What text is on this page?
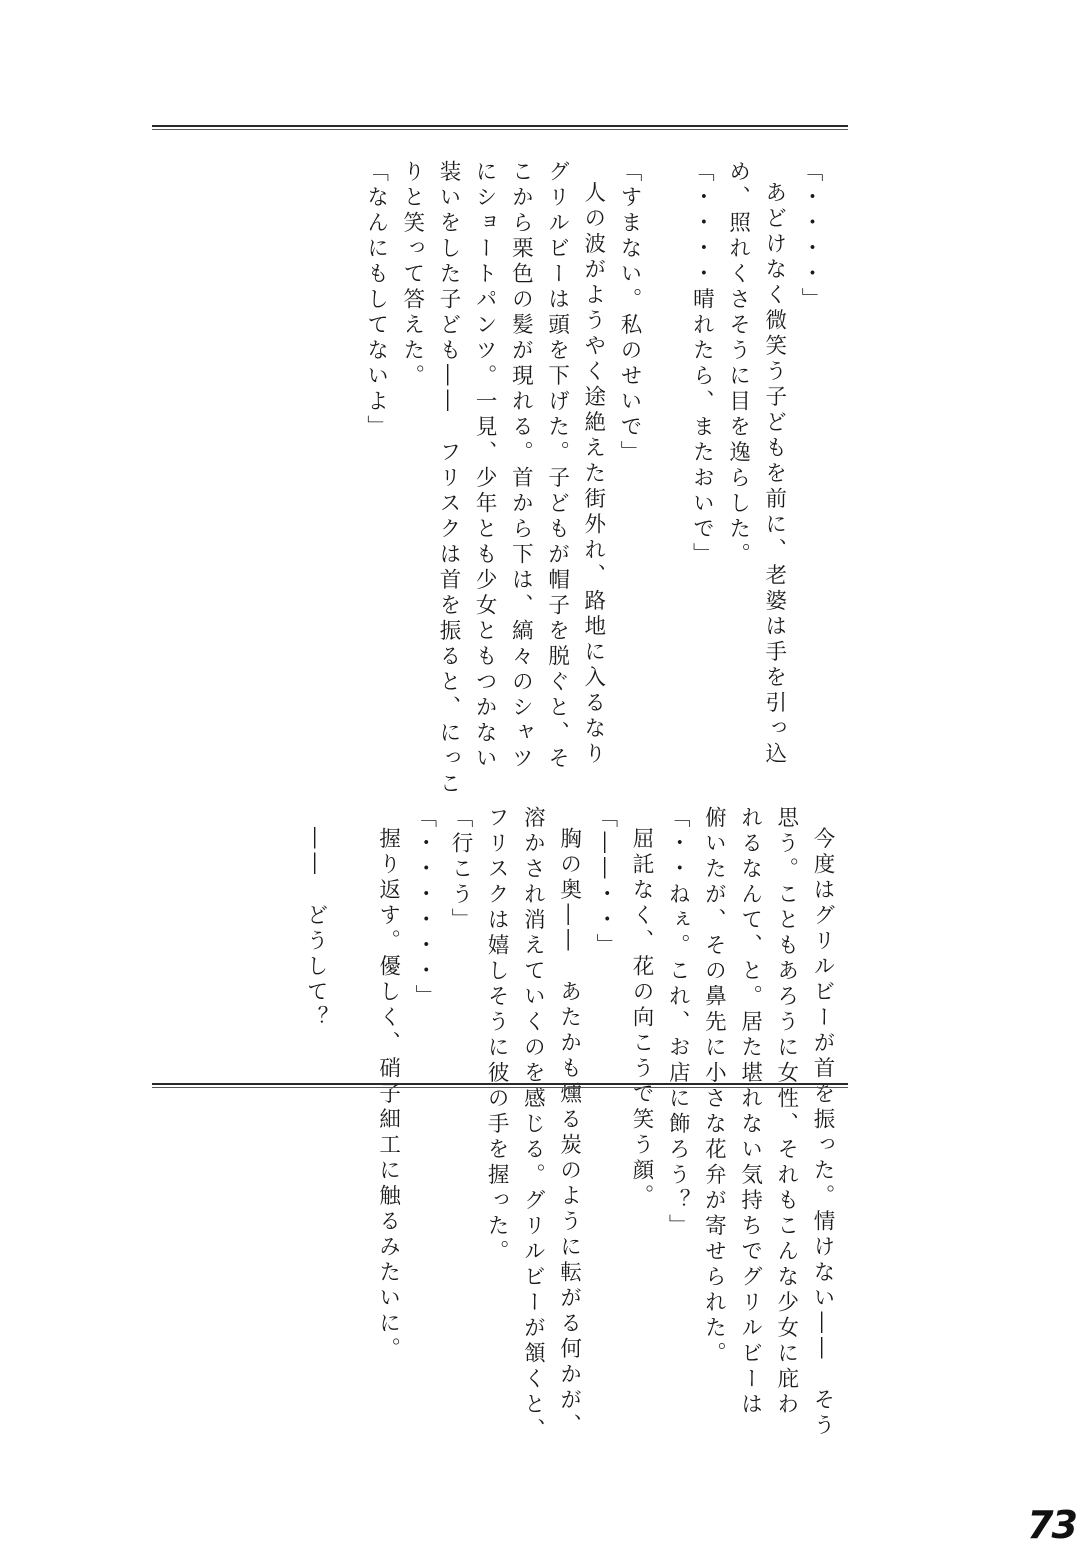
「・・・・」
あどけなく微笑う子どもを前に、老婆は手を引っ込
め、照れくさそうに目を逸らした。
「・・・・晴れたら、またおいで」
「すまない。私のせいで」
人の波がようやく途絶えた街外れ、路地に入るなり
グリルビーは頭を下げた。子どもが帽子を脱ぐと、そ
こから栗色の髪が現れる。首から下は、縞々のシャツ
にショートパンツ。一見、少年とも少女ともつかない
装いをした子ども――　フリスクは首を振ると、にっこ
りと笑って答えた。
「なんにもしてないよ」
今度はグリルビーが首を振った。情けない――　そう
思う。こともあろうに女性、それもこんな少女に庇わ
れるなんて、と。居た堪れない気持ちでグリルビーは
俯いたが、その鼻先に小さな花弁が寄せられた。
「・・ねぇ。これ、お店に飾ろう？」
屈託なく、花の向こうで笑う顔。
「――・・」
胸の奥――　あたかも燻る炭のように転がる何かが、
溶かされ消えていくのを感じる。グリルビーが頷くと、
フリスクは嬉しそうに彼の手を握った。
「行こう」
「・・・・・・」
握り返す。優しく、硝子細工に触るみたいに。
――　どうして？
73
